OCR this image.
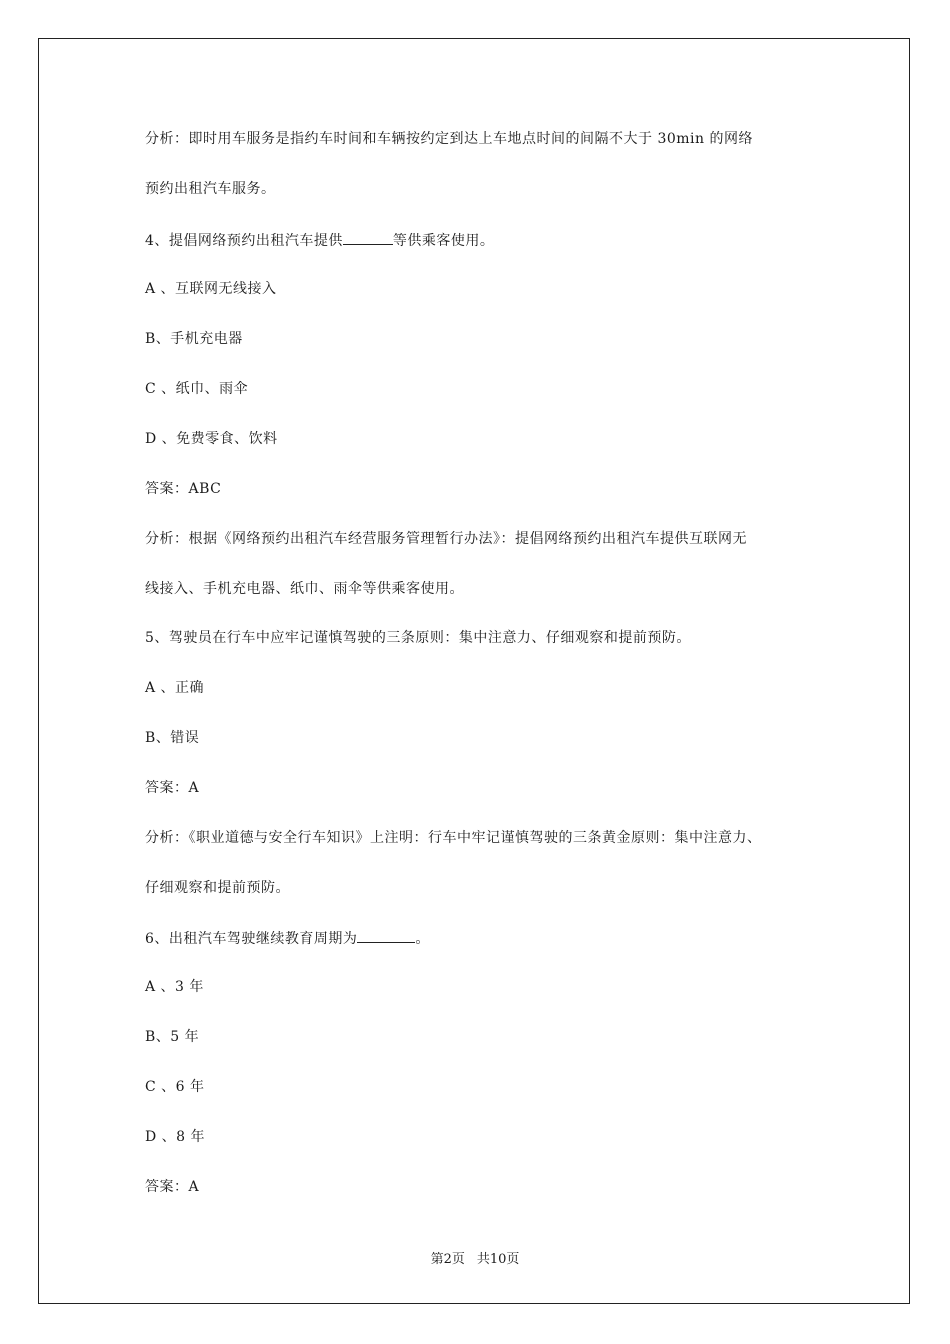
分析：即时用车服务是指约车时间和车辆按约定到达上车地点时间的间隔不大于 30min 的网络
预约出租汽车服务。
4、提倡网络预约出租汽车提供	等供乘客使用。
A 、互联网无线接入
B、手机充电器
C 、纸巾、雨伞
D 、免费零食、饮料
答案：ABC
分析：根据《网络预约出租汽车经营服务管理暂行办法》：提倡网络预约出租汽车提供互联网无
线接入、手机充电器、纸巾、雨伞等供乘客使用。
5、驾驶员在行车中应牢记谨慎驾驶的三条原则：集中注意力、仔细观察和提前预防。
A 、正确
B、错误
答案：A
分析：《职业道德与安全行车知识》上注明：行车中牢记谨慎驾驶的三条黄金原则：集中注意力、
仔细观察和提前预防。
6、出租汽车驾驶继续教育周期为	。
A 、3 年
B、5 年
C 、6 年
D 、8 年
答案：A
第2页 共10页
